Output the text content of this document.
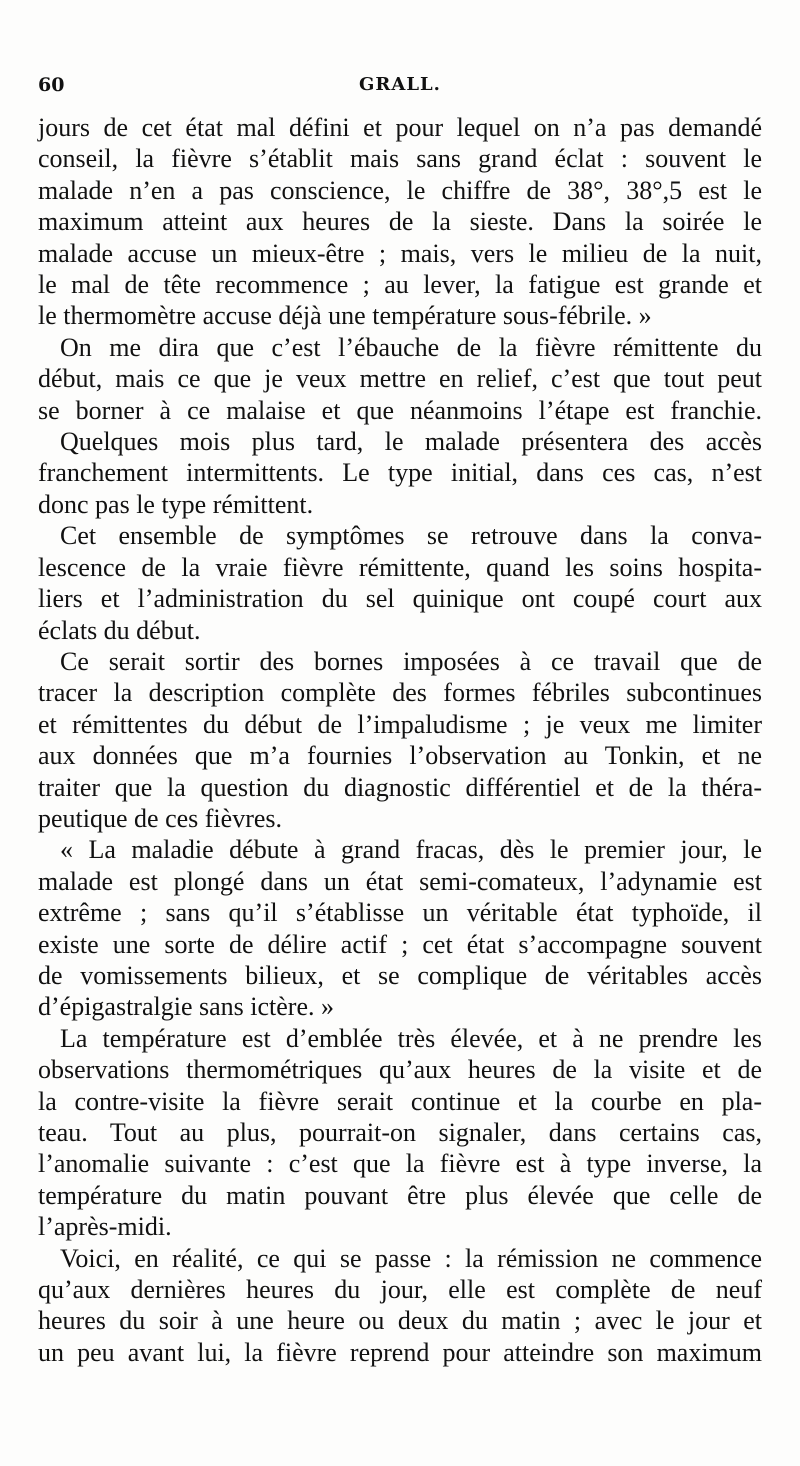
60	GRALL.
jours de cet état mal défini et pour lequel on n’a pas demandé
conseil, la fièvre s’établit mais sans grand éclat : souvent le
malade n’en a pas conscience, le chiffre de 38°, 38°,5 est le
maximum atteint aux heures de la sieste. Dans la soirée le
malade accuse un mieux-être ; mais, vers le milieu de la nuit,
le mal de tête recommence ; au lever, la fatigue est grande et
le thermomètre accuse déjà une température sous-fébrile. »
On me dira que c’est l’ébauche de la fièvre rémittente du
début, mais ce que je veux mettre en relief, c’est que tout peut
se borner à ce malaise et que néanmoins l’étape est franchie.
Quelques mois plus tard, le malade présentera des accès
franchement intermittents. Le type initial, dans ces cas, n’est
donc pas le type rémittent.
Cet ensemble de symptômes se retrouve dans la conva-
lescence de la vraie fièvre rémittente, quand les soins hospita-
liers et l’administration du sel quinique ont coupé court aux
éclats du début.
Ce serait sortir des bornes imposées à ce travail que de
tracer la description complète des formes fébriles subcontinues
et rémittentes du début de l’impaludisme ; je veux me limiter
aux données que m’a fournies l’observation au Tonkin, et ne
traiter que la question du diagnostic différentiel et de la théra-
peutique de ces fièvres.
« La maladie débute à grand fracas, dès le premier jour, le
malade est plongé dans un état semi-comateux, l’adynamie est
extrême ; sans qu’il s’établisse un véritable état typhoïde, il
existe une sorte de délire actif ; cet état s’accompagne souvent
de vomissements bilieux, et se complique de véritables accès
d’épigastralgie sans ictère. »
La température est d’emblée très élevée, et à ne prendre les
observations thermométriques qu’aux heures de la visite et de
la contre-visite la fièvre serait continue et la courbe en pla-
teau. Tout au plus, pourrait-on signaler, dans certains cas,
l’anomalie suivante : c’est que la fièvre est à type inverse, la
température du matin pouvant être plus élevée que celle de
l’après-midi.
Voici, en réalité, ce qui se passe : la rémission ne commence
qu’aux dernières heures du jour, elle est complète de neuf
heures du soir à une heure ou deux du matin ; avec le jour et
un peu avant lui, la fièvre reprend pour atteindre son maximum
